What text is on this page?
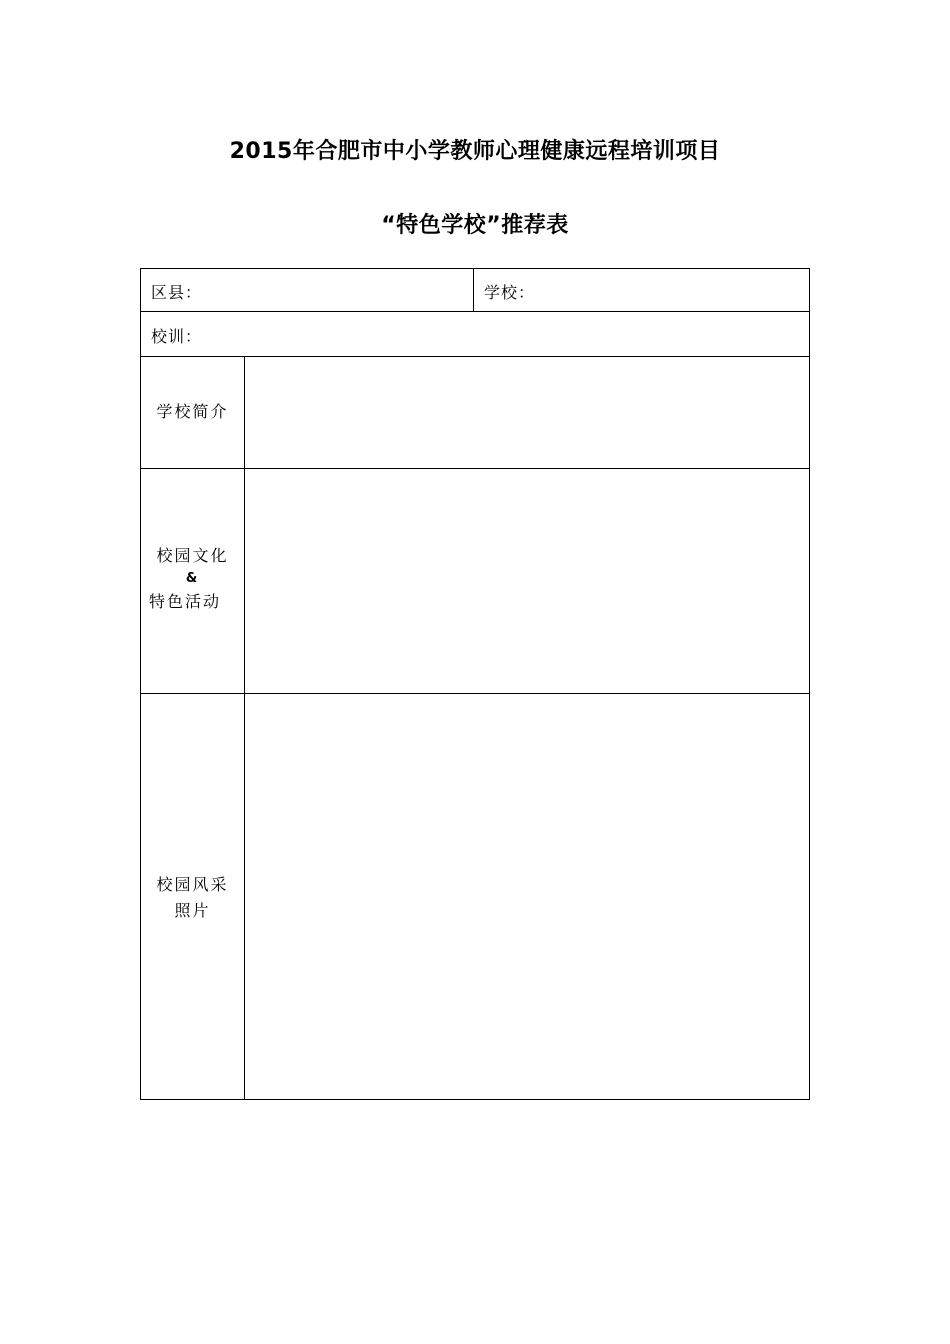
2015年合肥市中小学教师心理健康远程培训项目
“特色学校”推荐表
区县：	学校：
校训：
学校简介
校园文化
&
特色活动
校园风采
照片
